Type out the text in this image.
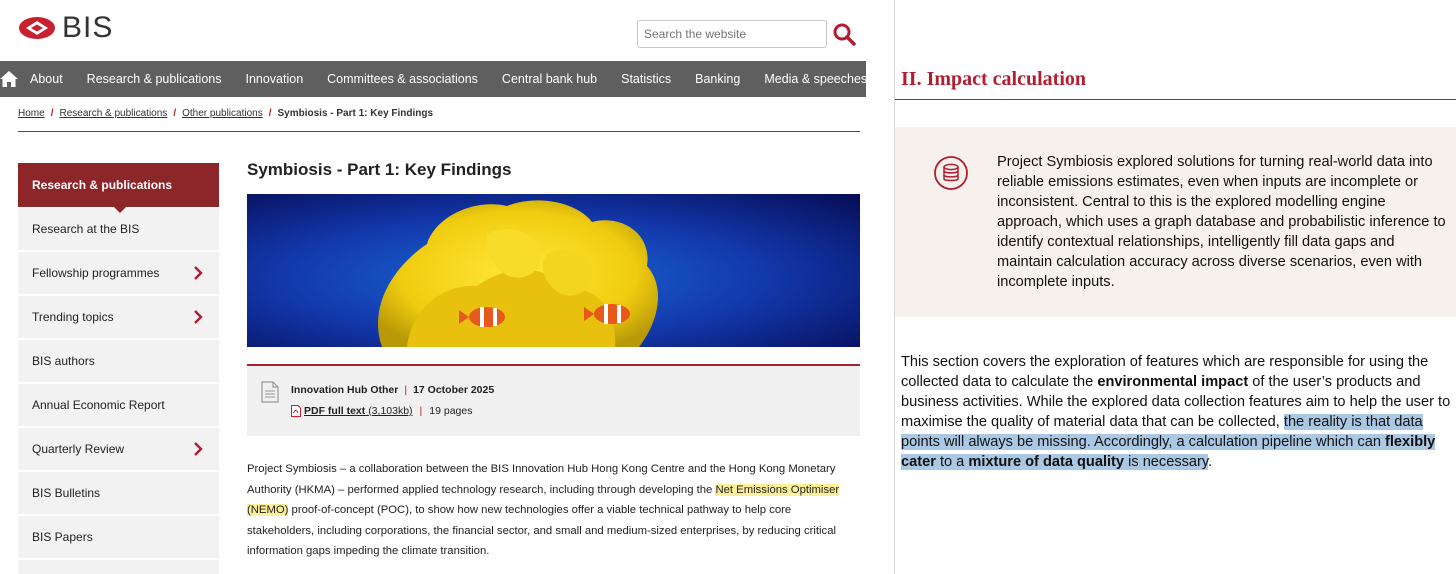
BIS
Search the website
About	Research & publications	Innovation	Committees & associations	Central bank hub	Statistics	Banking	Media & speeches
Home / Research & publications / Other publications / Symbiosis - Part 1: Key Findings
Research & publications
Research at the BIS
Fellowship programmes
Trending topics
BIS authors
Annual Economic Report
Quarterly Review
BIS Bulletins
BIS Papers
Symbiosis - Part 1: Key Findings
Innovation Hub Other | 17 October 2025
PDF full text (3,103kb) | 19 pages

Project Symbiosis – a collaboration between the BIS Innovation Hub Hong Kong Centre and the Hong Kong Monetary Authority (HKMA) – performed applied technology research, including through developing the Net Emissions Optimiser (NEMO) proof-of-concept (POC), to show how new technologies offer a viable technical pathway to help core stakeholders, including corporations, the financial sector, and small and medium-sized enterprises, by reducing critical information gaps impeding the climate transition.

II. Impact calculation

Project Symbiosis explored solutions for turning real-world data into reliable emissions estimates, even when inputs are incomplete or inconsistent. Central to this is the explored modelling engine approach, which uses a graph database and probabilistic inference to identify contextual relationships, intelligently fill data gaps and maintain calculation accuracy across diverse scenarios, even with incomplete inputs.

This section covers the exploration of features which are responsible for using the collected data to calculate the environmental impact of the user’s products and business activities. While the explored data collection features aim to help the user to maximise the quality of material data that can be collected, the reality is that data points will always be missing. Accordingly, a calculation pipeline which can flexibly cater to a mixture of data quality is necessary.
